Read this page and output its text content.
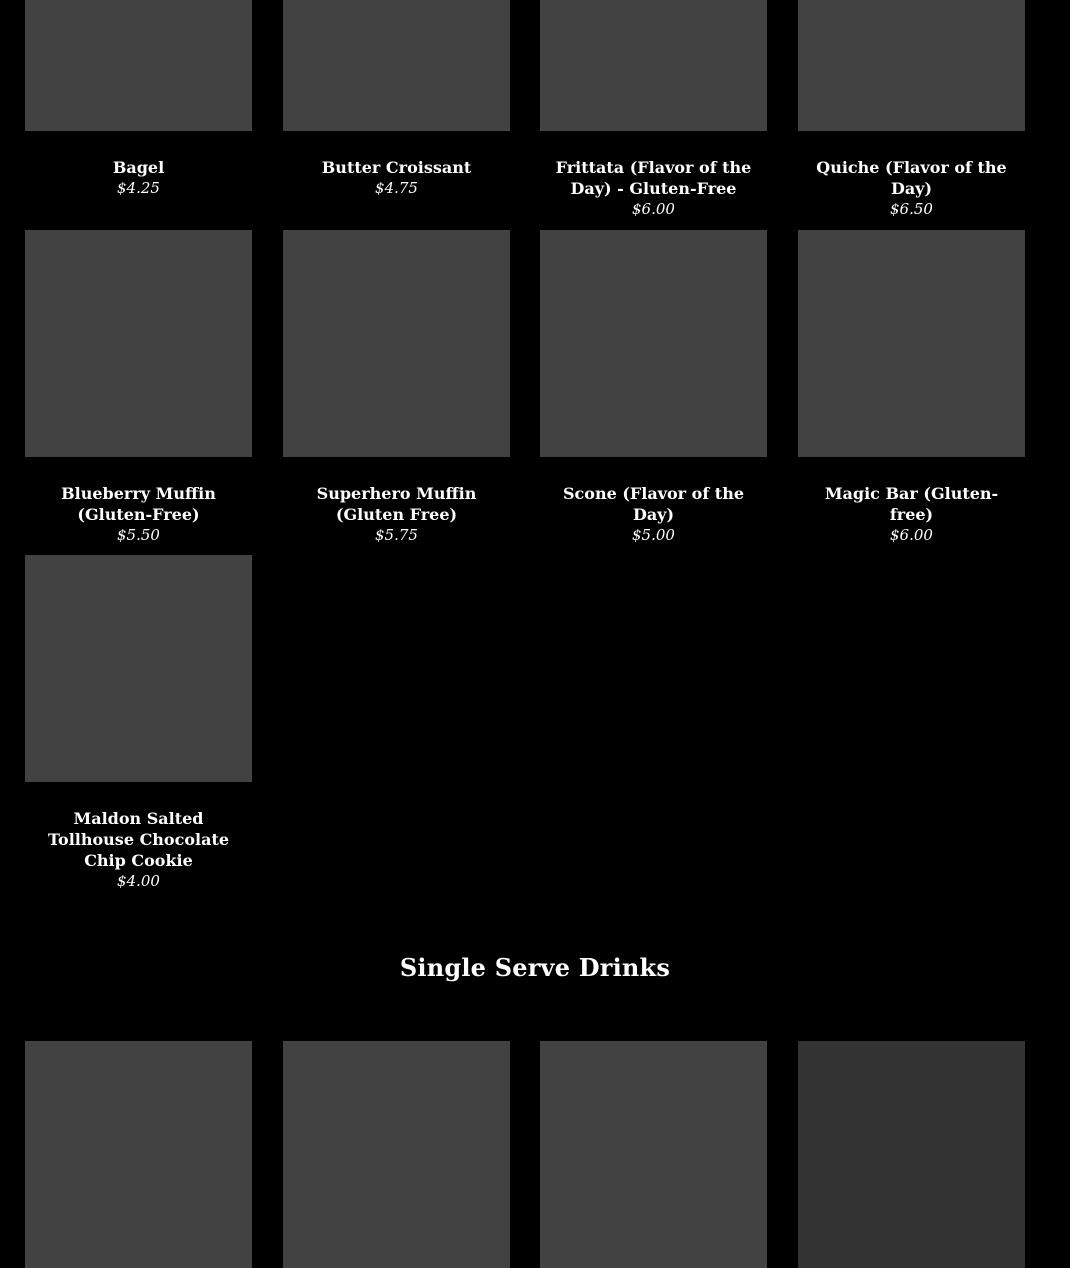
Bagel
$4.25
Butter Croissant
$4.75
Frittata (Flavor of the Day) - Gluten-Free
$6.00
Quiche (Flavor of the Day)
$6.50
Blueberry Muffin (Gluten-Free)
$5.50
Superhero Muffin (Gluten Free)
$5.75
Scone (Flavor of the Day)
$5.00
Magic Bar (Gluten-free)
$6.00
Maldon Salted Tollhouse Chocolate Chip Cookie
$4.00
Single Serve Drinks
